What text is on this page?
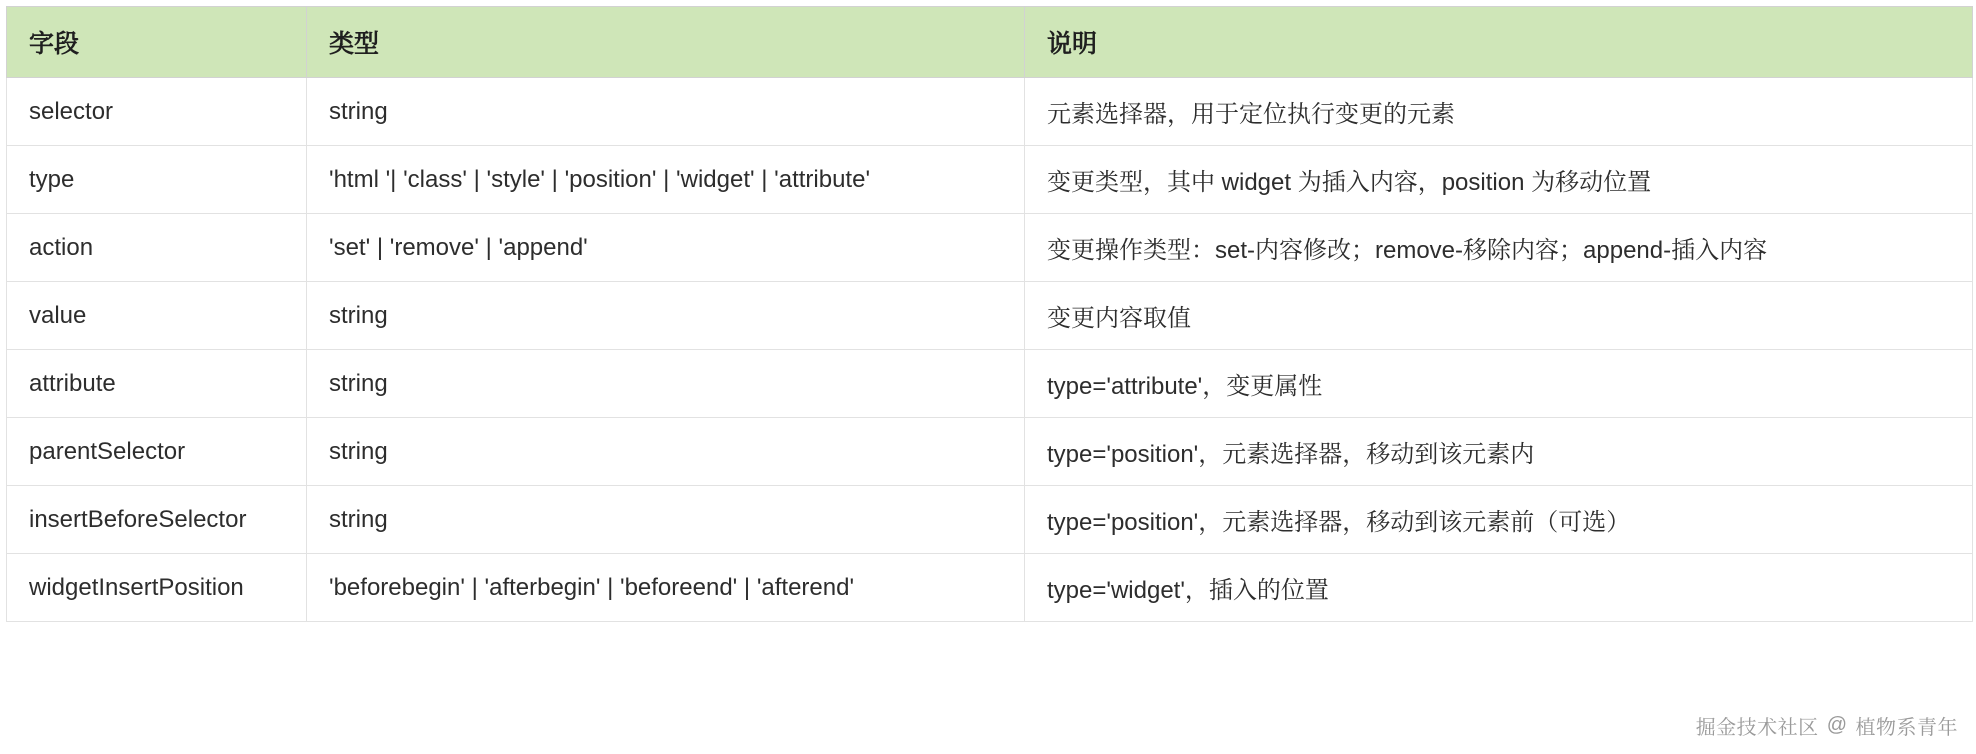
字段	类型	说明
selector	string	元素选择器，用于定位执行变更的元素
type	'html '| 'class' | 'style' | 'position' | 'widget' | 'attribute'	变更类型，其中 widget 为插入内容，position 为移动位置
action	'set' | 'remove' | 'append'	变更操作类型：set-内容修改；remove-移除内容；append-插入内容
value	string	变更内容取值
attribute	string	type='attribute'，变更属性
parentSelector	string	type='position'，元素选择器，移动到该元素内
insertBeforeSelector	string	type='position'，元素选择器，移动到该元素前（可选）
widgetInsertPosition	'beforebegin' | 'afterbegin' | 'beforeend' | 'afterend'	type='widget'，插入的位置
掘金技术社区 @ 植物系青年
